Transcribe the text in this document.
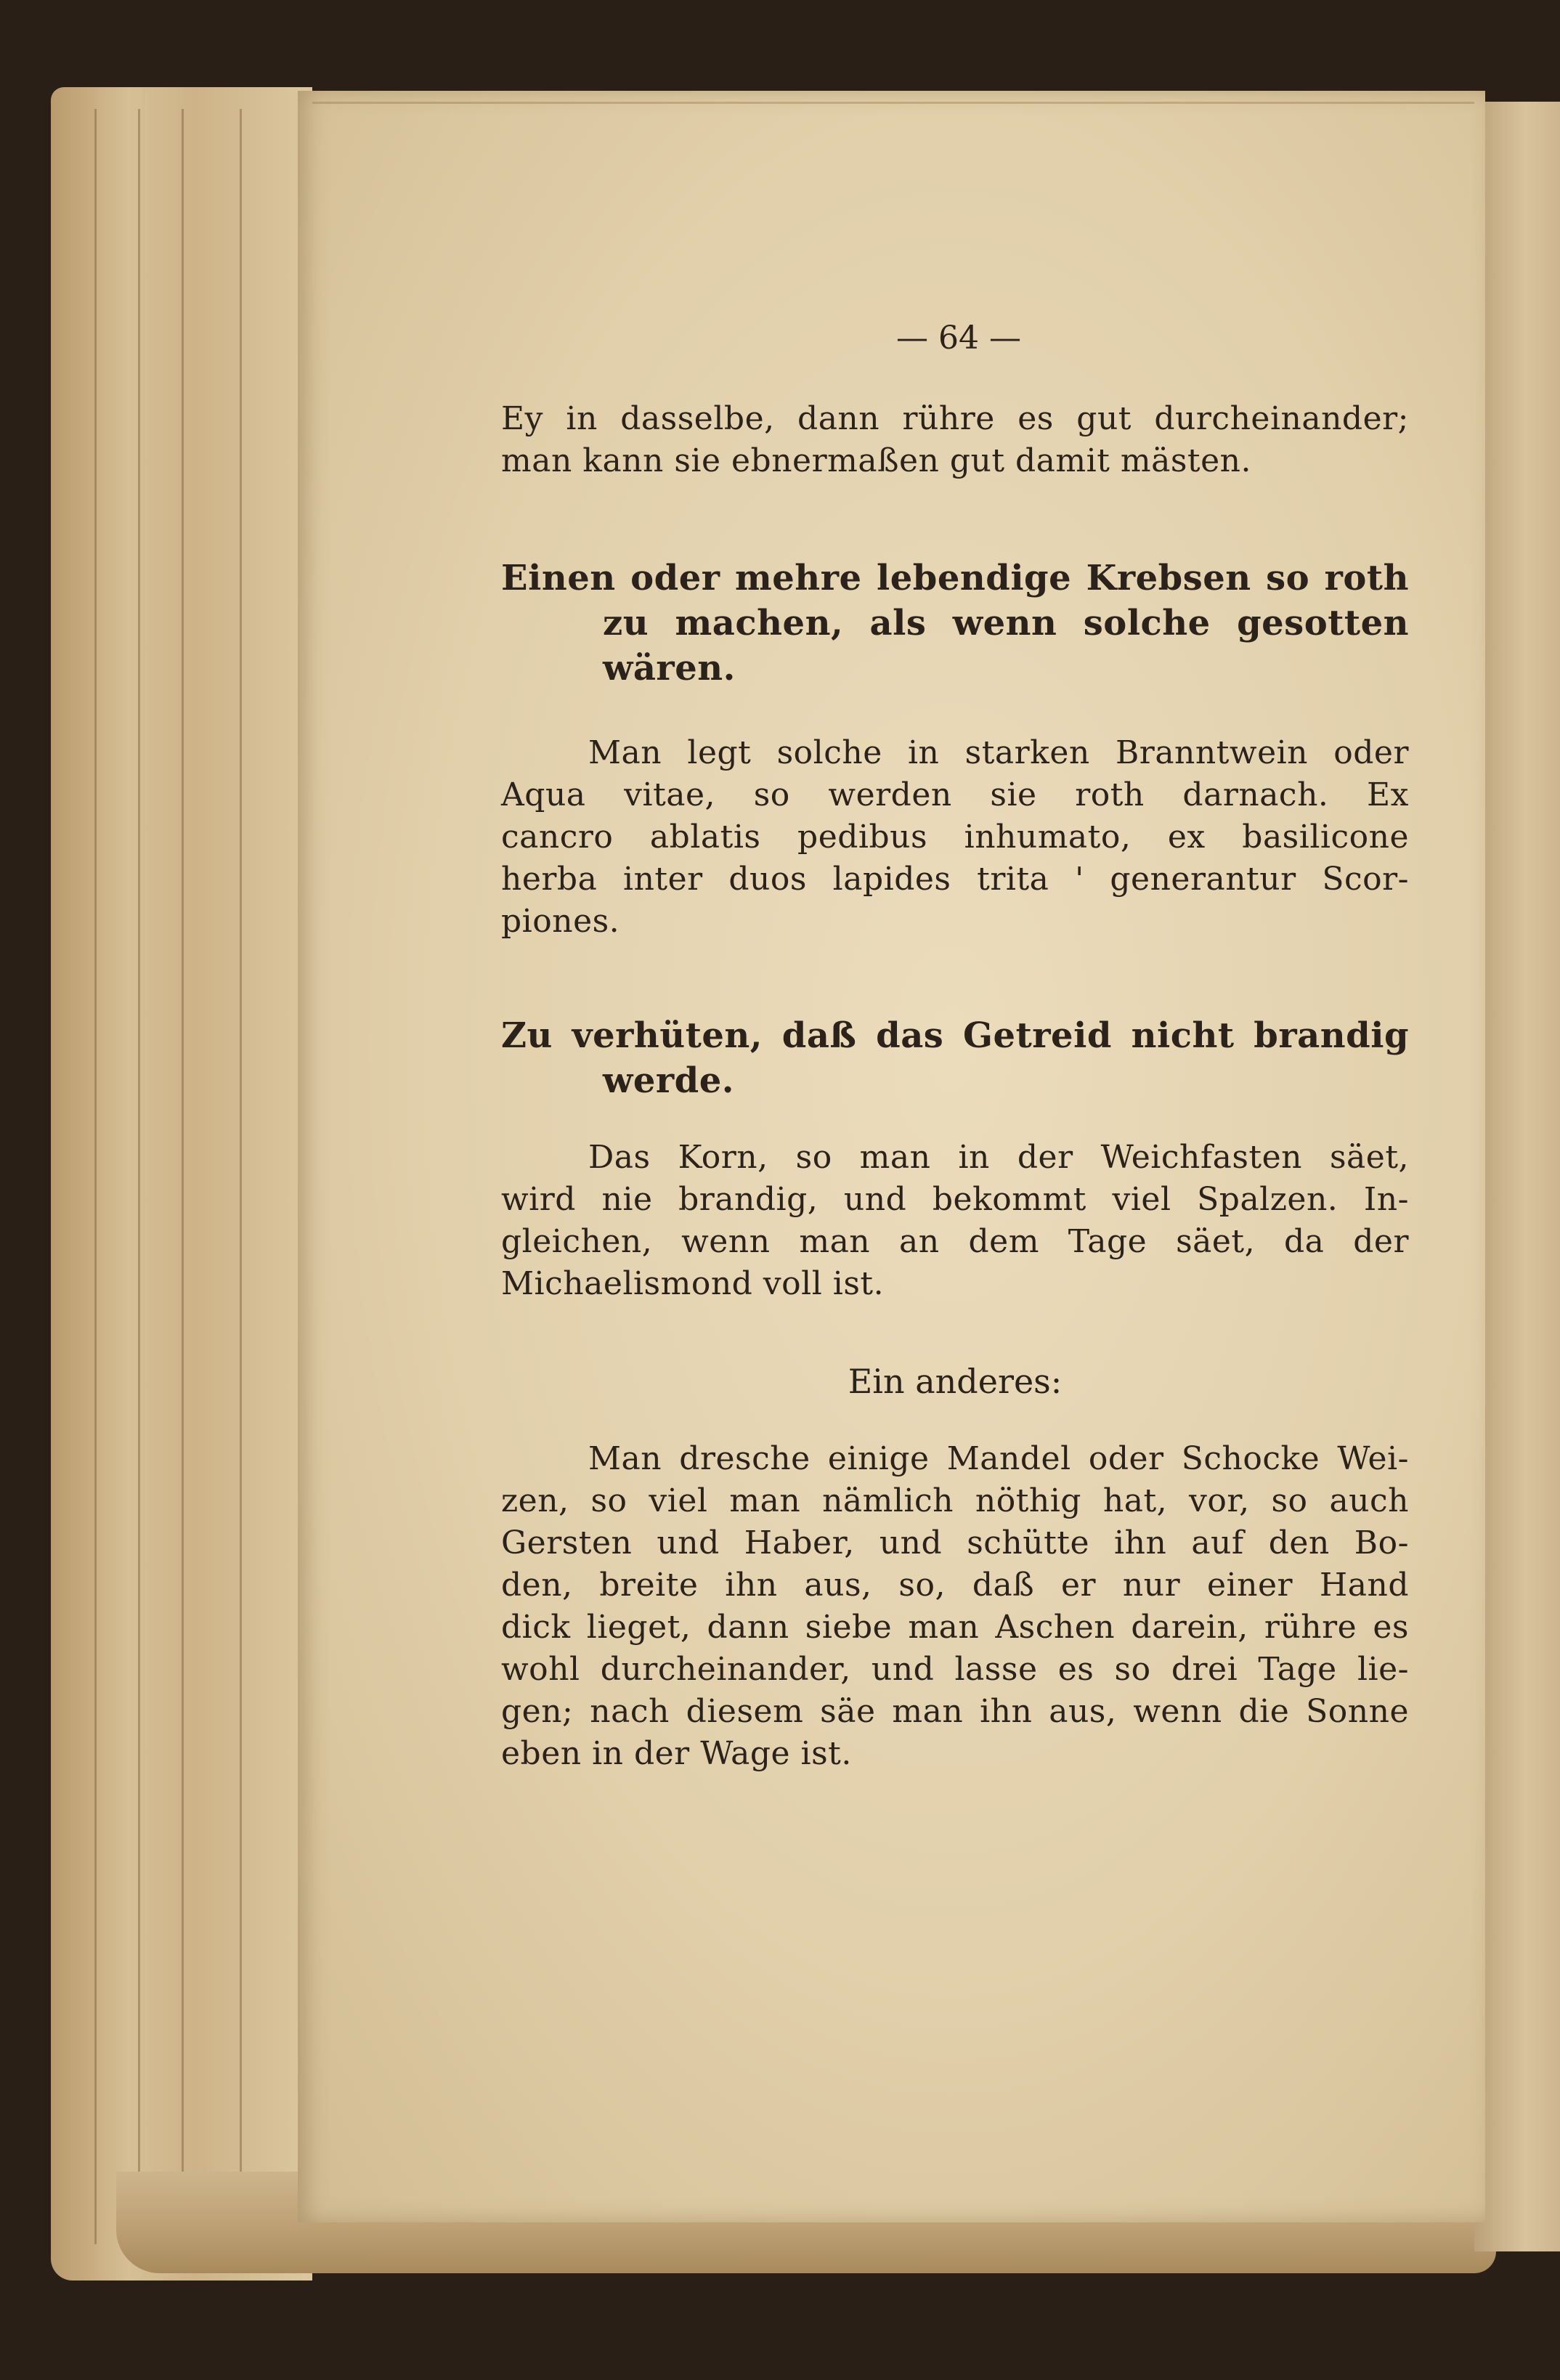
— 64 —

Ey in dasselbe, dann rühre es gut durcheinander;

man kann sie ebnermaßen gut damit mästen.

Einen oder mehre lebendige Krebsen so roth

zu machen, als wenn solche gesotten

wären.

Man legt solche in starken Branntwein oder

Aqua vitae, so werden sie roth darnach. Ex

cancro ablatis pedibus inhumato, ex basilicone

herba inter duos lapides trita ' generantur Scor-

piones.

Zu verhüten, daß das Getreid nicht brandig

werde.

Das Korn, so man in der Weichfasten säet,

wird nie brandig, und bekommt viel Spalzen. In-

gleichen, wenn man an dem Tage säet, da der

Michaelismond voll ist.

Ein anderes:

Man dresche einige Mandel oder Schocke Wei-

zen, so viel man nämlich nöthig hat, vor, so auch

Gersten und Haber, und schütte ihn auf den Bo-

den, breite ihn aus, so, daß er nur einer Hand

dick lieget, dann siebe man Aschen darein, rühre es

wohl durcheinander, und lasse es so drei Tage lie-

gen; nach diesem säe man ihn aus, wenn die Sonne

eben in der Wage ist.
